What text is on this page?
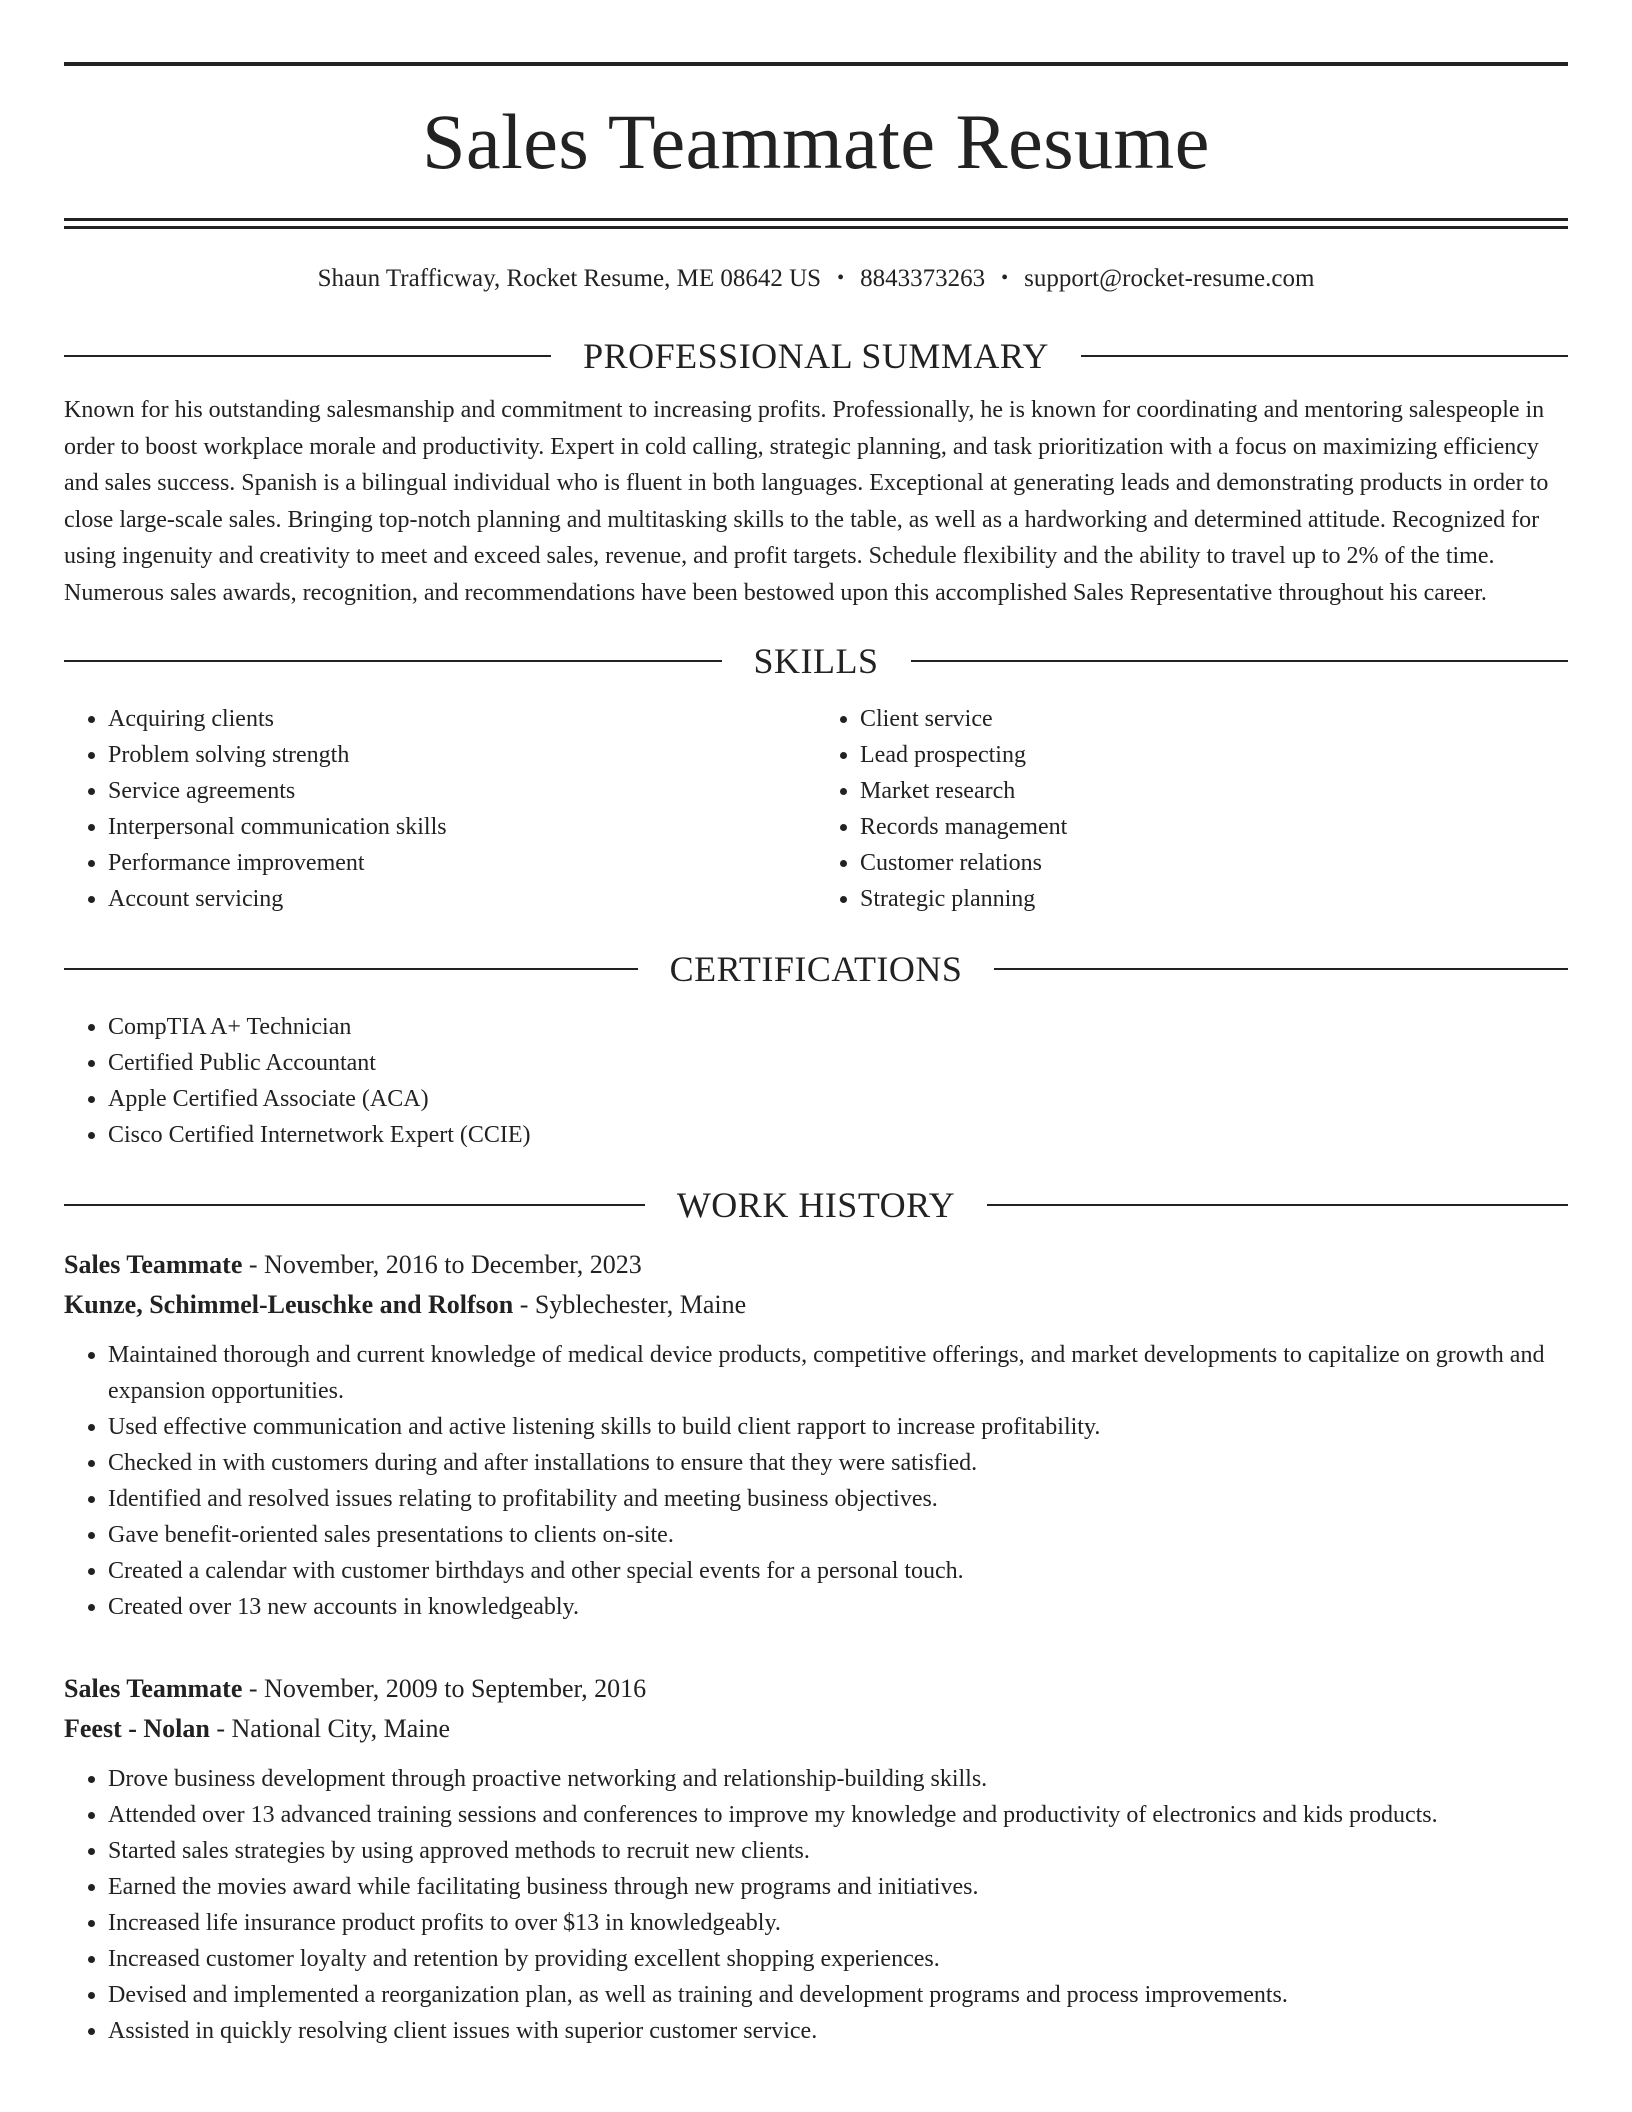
Sales Teammate Resume
Shaun Trafficway, Rocket Resume, ME 08642 US • 8843373263 • support@rocket-resume.com
PROFESSIONAL SUMMARY

Known for his outstanding salesmanship and commitment to increasing profits. Professionally, he is known for coordinating and mentoring salespeople in order to boost workplace morale and productivity. Expert in cold calling, strategic planning, and task prioritization with a focus on maximizing efficiency and sales success. Spanish is a bilingual individual who is fluent in both languages. Exceptional at generating leads and demonstrating products in order to close large-scale sales. Bringing top-notch planning and multitasking skills to the table, as well as a hardworking and determined attitude. Recognized for using ingenuity and creativity to meet and exceed sales, revenue, and profit targets. Schedule flexibility and the ability to travel up to 2% of the time. Numerous sales awards, recognition, and recommendations have been bestowed upon this accomplished Sales Representative throughout his career.

SKILLS
• Acquiring clients
• Problem solving strength
• Service agreements
• Interpersonal communication skills
• Performance improvement
• Account servicing
• Client service
• Lead prospecting
• Market research
• Records management
• Customer relations
• Strategic planning
CERTIFICATIONS
• CompTIA A+ Technician
• Certified Public Accountant
• Apple Certified Associate (ACA)
• Cisco Certified Internetwork Expert (CCIE)
WORK HISTORY
Sales Teammate - November, 2016 to December, 2023
Kunze, Schimmel-Leuschke and Rolfson - Syblechester, Maine
• Maintained thorough and current knowledge of medical device products, competitive offerings, and market developments to capitalize on growth and expansion opportunities.
• Used effective communication and active listening skills to build client rapport to increase profitability.
• Checked in with customers during and after installations to ensure that they were satisfied.
• Identified and resolved issues relating to profitability and meeting business objectives.
• Gave benefit-oriented sales presentations to clients on-site.
• Created a calendar with customer birthdays and other special events for a personal touch.
• Created over 13 new accounts in knowledgeably.
Sales Teammate - November, 2009 to September, 2016
Feest - Nolan - National City, Maine
• Drove business development through proactive networking and relationship-building skills.
• Attended over 13 advanced training sessions and conferences to improve my knowledge and productivity of electronics and kids products.
• Started sales strategies by using approved methods to recruit new clients.
• Earned the movies award while facilitating business through new programs and initiatives.
• Increased life insurance product profits to over $13 in knowledgeably.
• Increased customer loyalty and retention by providing excellent shopping experiences.
• Devised and implemented a reorganization plan, as well as training and development programs and process improvements.
• Assisted in quickly resolving client issues with superior customer service.
